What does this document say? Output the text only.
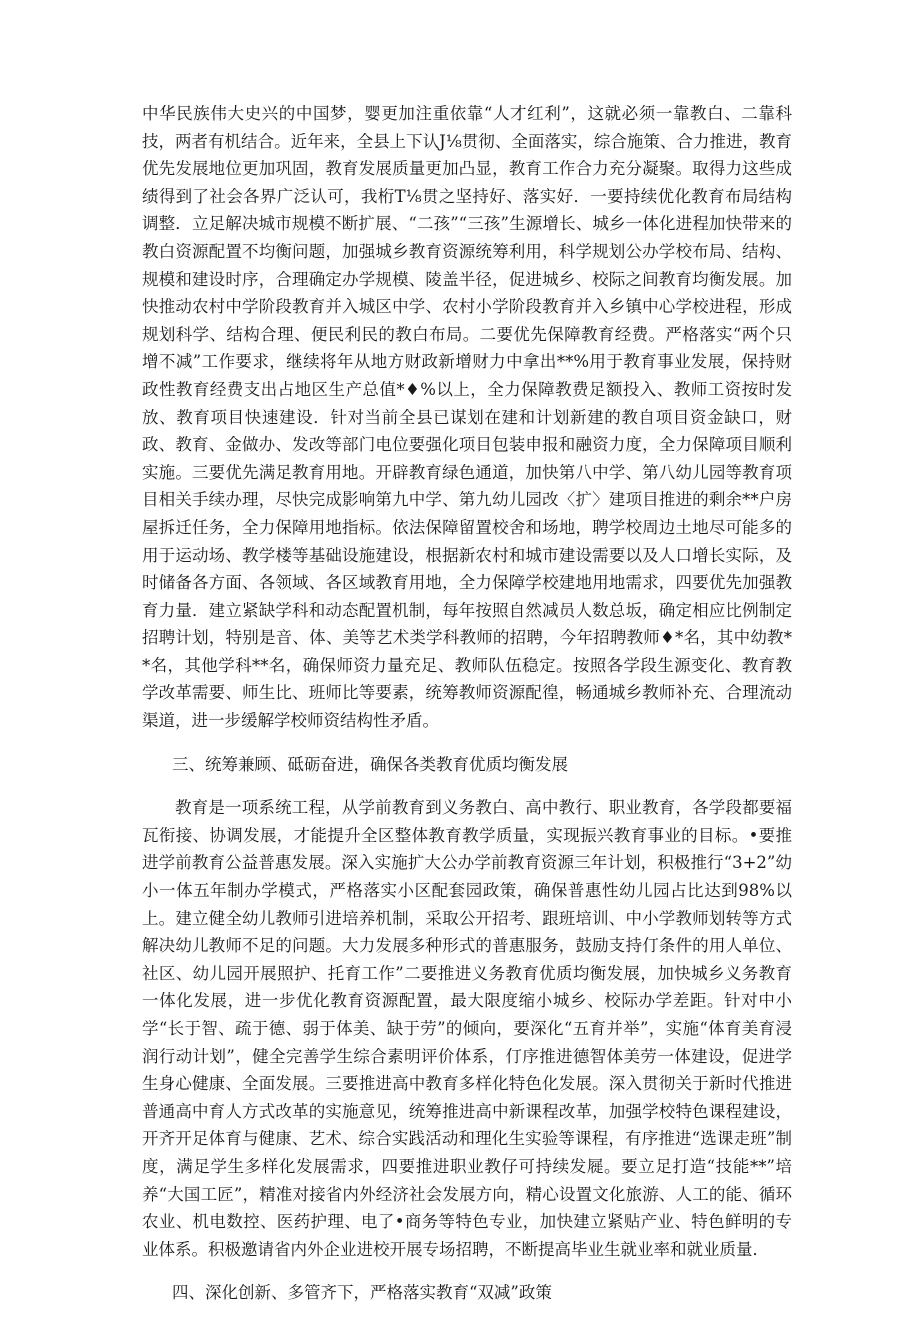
中华民族伟大史兴的中国梦，婴更加注重依靠“人才红利”，这就必须一靠教白、二靠科技，两者有机结合。近年来，全县上下认J⅛贯彻、全面落实，综合施策、合力推进，教育优先发展地位更加巩固，教育发展质量更加凸显，教育工作合力充分凝聚。取得力这些成绩得到了社会各界广泛认可，我桁T⅛贯之坚持好、落实好．一要持续优化教育布局结构调整．立足解决城市规模不断扩展、“二孩”“三孩”生源增长、城乡一体化进程加快带来的教白资源配置不均衡问题，加强城乡教育资源统筹利用，科学规划公办学校布局、结构、规模和建设时序，合理确定办学规模、陵盖半径，促进城乡、校际之间教育均衡发展。加快推动农村中学阶段教育并入城区中学、农村小学阶段教育并入乡镇中心学校进程，形成规划科学、结构合理、便民利民的教白布局。二要优先保障教育经费。严格落实“两个只增不减”工作要求，继续将年从地方财政新增财力中拿出**%用于教育事业发展，保持财政性教育经费支出占地区生产总值*♦%以上，全力保障教费足额投入、教师工资按时发放、教育项目快速建设．针对当前全县已谋划在建和计划新建的教自项目资金缺口，财政、教育、金做办、发改等部门电位要强化项目包装申报和融资力度，全力保障项目顺利实施。三要优先满足教育用地。开辟教育绿色通道，加快第八中学、第八幼儿园等教育项目相关手续办理，尽快完成影响第九中学、第九幼儿园改〈扩〉建项目推进的剩余**户房屋拆迁任务，全力保障用地指标。依法保障留置校舍和场地，聘学校周边土地尽可能多的用于运动场、教学楼等基础设施建设，根据新农村和城市建设需要以及人口增长实际，及时储备各方面、各领域、各区域教育用地，全力保障学校建地用地需求，四要优先加强教育力量．建立紧缺学科和动态配置机制，每年按照自然减员人数总坂，确定相应比例制定招聘计划，特别是音、体、美等艺术类学科教师的招聘，今年招聘教师♦*名，其中幼教**名，其他学科**名，确保师资力量充足、教师队伍稳定。按照各学段生源变化、教育教学改革需要、师生比、班师比等要素，统筹教师资源配徨，畅通城乡教师补充、合理流动渠道，进一步缓解学校师资结构性矛盾。

三、统筹兼顾、砥砺奋进，确保各类教育优质均衡发展

教育是一项系统工程，从学前教育到义务教白、高中教行、职业教育，各学段都要福瓦衔接、协调发展，才能提升全区整体教育教学质量，实现振兴教育事业的目标。•要推进学前教育公益普惠发展。深入实施扩大公办学前教育资源三年计划，积极推行“3+2”幼小一体五年制办学模式，严格落实小区配套园政策，确保普惠性幼儿园占比达到98%以上。建立健全幼儿教师引进培养机制，采取公开招考、跟班培训、中小学教师划转等方式解决幼儿教师不足的问题。大力发展多种形式的普惠服务，鼓励支持仃条件的用人单位、社区、幼儿园开展照护、托育工作”二要推进义务教育优质均衡发展，加快城乡义务教育一体化发展，进一步优化教育资源配置，最大限度缩小城乡、校际办学差距。针对中小学“长于智、疏于德、弱于体美、缺于劳”的倾向，要深化“五育并举”，实施“体育美育浸润行动计划”，健全完善学生综合素明评价体系，仃序推进德智体美劳一体建设，促进学生身心健康、全面发展。三要推进高中教育多样化特色化发展。深入贯彻关于新时代推进普通高中育人方式改革的实施意见，统筹推进高中新课程改革，加强学校特色课程建设，开齐开足体育与健康、艺术、综合实践活动和理化生实验等课程，有序推进“选课走班”制度，满足学生多样化发展需求，四要推进职业教仔可持续发屣。要立足打造“技能**”培养“大国工匠”，精准对接省内外经济社会发展方向，精心设置文化旅游、人工的能、循环农业、机电数控、医药护理、电了•商务等特色专业，加快建立紧贴产业、特色鲜明的专业体系。积极邀请省内外企业进校开展专场招聘，不断提高毕业生就业率和就业质量．

四、深化创新、多管齐下，严格落实教育“双减”政策
